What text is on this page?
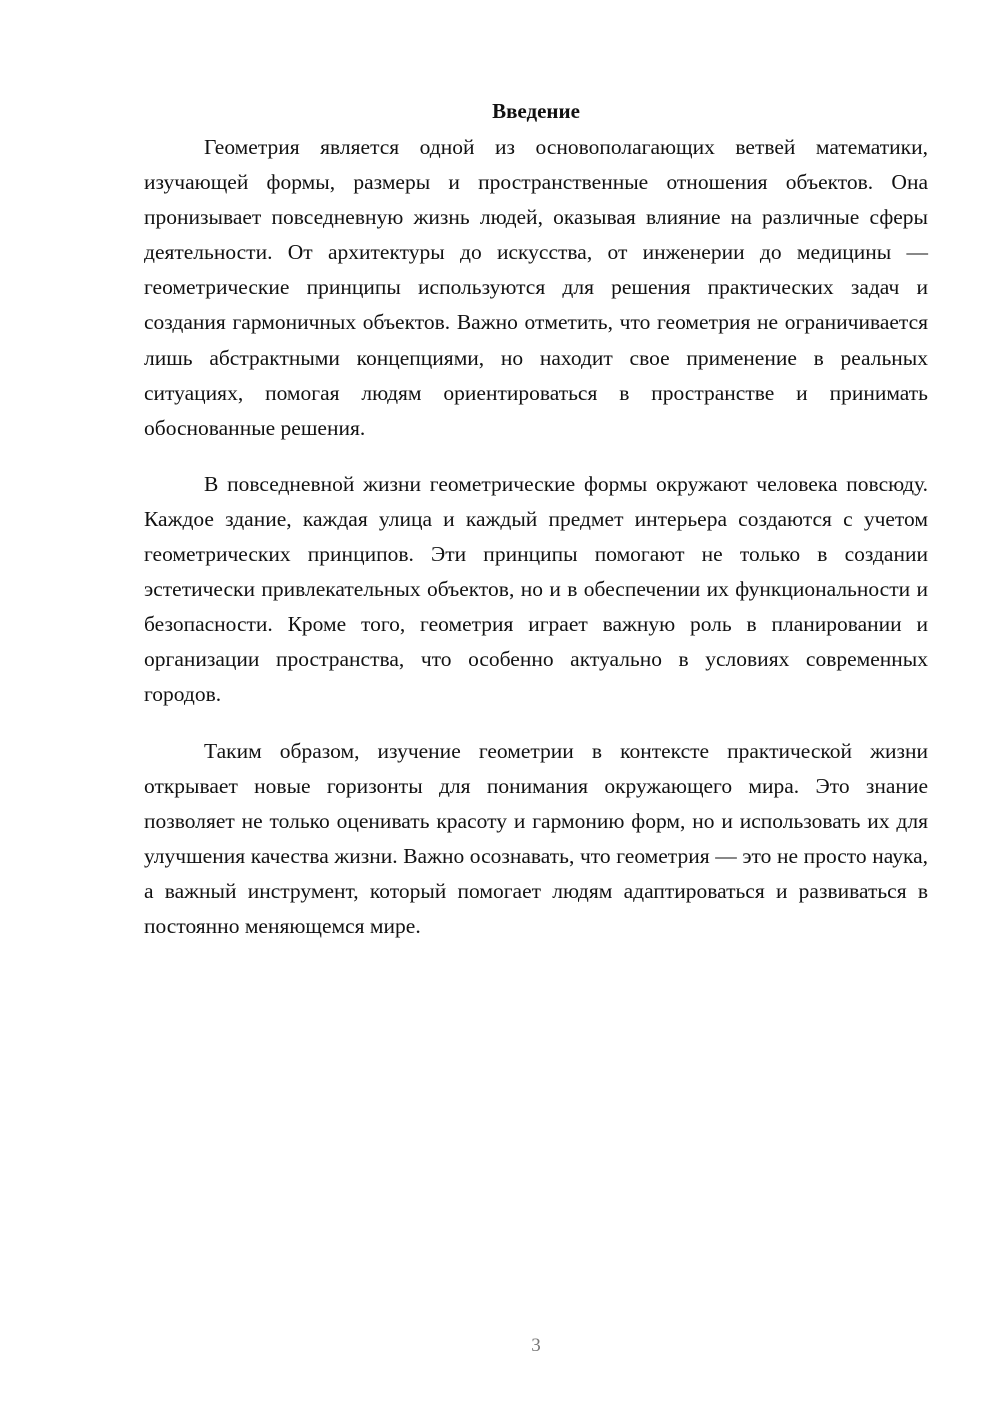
Введение

Геометрия является одной из основополагающих ветвей математики, изучающей формы, размеры и пространственные отношения объектов. Она пронизывает повседневную жизнь людей, оказывая влияние на различные сферы деятельности. От архитектуры до искусства, от инженерии до медицины — геометрические принципы используются для решения практических задач и создания гармоничных объектов. Важно отметить, что геометрия не ограничивается лишь абстрактными концепциями, но находит свое применение в реальных ситуациях, помогая людям ориентироваться в пространстве и принимать обоснованные решения.

В повседневной жизни геометрические формы окружают человека повсюду. Каждое здание, каждая улица и каждый предмет интерьера создаются с учетом геометрических принципов. Эти принципы помогают не только в создании эстетически привлекательных объектов, но и в обеспечении их функциональности и безопасности. Кроме того, геометрия играет важную роль в планировании и организации пространства, что особенно актуально в условиях современных городов.

Таким образом, изучение геометрии в контексте практической жизни открывает новые горизонты для понимания окружающего мира. Это знание позволяет не только оценивать красоту и гармонию форм, но и использовать их для улучшения качества жизни. Важно осознавать, что геометрия — это не просто наука, а важный инструмент, который помогает людям адаптироваться и развиваться в постоянно меняющемся мире.

3
